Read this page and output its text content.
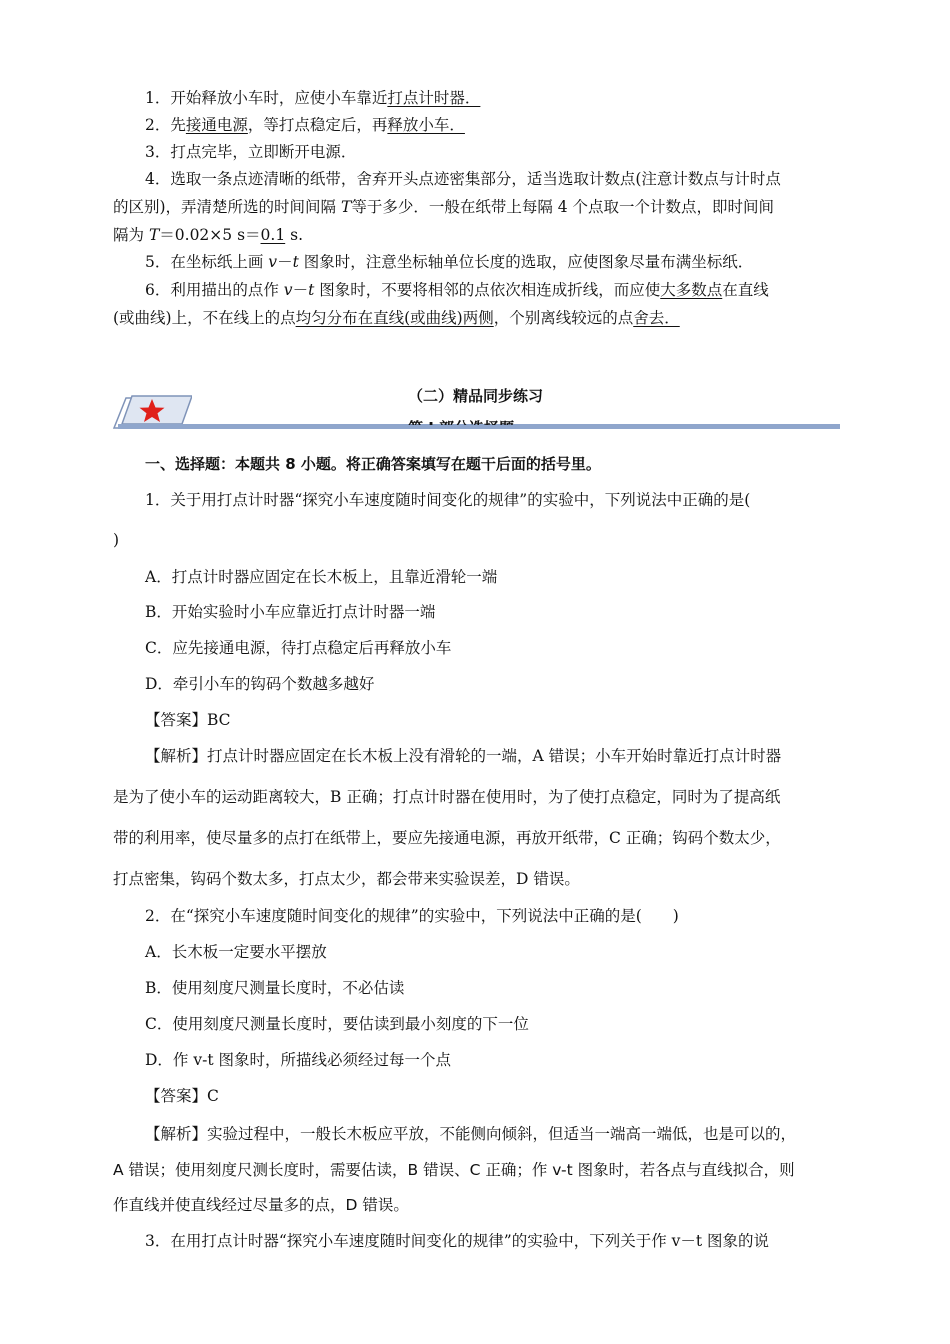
1．开始释放小车时，应使小车靠近打点计时器．
2．先接通电源，等打点稳定后，再释放小车．
3．打点完毕，立即断开电源．
4．选取一条点迹清晰的纸带，舍弃开头点迹密集部分，适当选取计数点(注意计数点与计时点
的区别)，弄清楚所选的时间间隔 T等于多少．一般在纸带上每隔 4 个点取一个计数点，即时间间
隔为 T＝0.02×5 s＝0.1 s.
5．在坐标纸上画 v－t 图象时，注意坐标轴单位长度的选取，应使图象尽量布满坐标纸．
6．利用描出的点作 v－t 图象时，不要将相邻的点依次相连成折线，而应使大多数点在直线
(或曲线)上，不在线上的点均匀分布在直线(或曲线)两侧，个别离线较远的点舍去．
（二）精品同步练习
一、选择题：本题共 8 小题。将正确答案填写在题干后面的括号里。
1．关于用打点计时器“探究小车速度随时间变化的规律”的实验中，下列说法中正确的是(
)
A．打点计时器应固定在长木板上，且靠近滑轮一端
B．开始实验时小车应靠近打点计时器一端
C．应先接通电源，待打点稳定后再释放小车
D．牵引小车的钩码个数越多越好
【答案】BC
【解析】打点计时器应固定在长木板上没有滑轮的一端，A 错误；小车开始时靠近打点计时器
是为了使小车的运动距离较大，B 正确；打点计时器在使用时，为了使打点稳定，同时为了提高纸
带的利用率，使尽量多的点打在纸带上，要应先接通电源，再放开纸带，C 正确；钩码个数太少，
打点密集，钩码个数太多，打点太少，都会带来实验误差，D 错误。
2．在“探究小车速度随时间变化的规律”的实验中，下列说法中正确的是(　　)
A．长木板一定要水平摆放
B．使用刻度尺测量长度时，不必估读
C．使用刻度尺测量长度时，要估读到最小刻度的下一位
D．作 v-t 图象时，所描线必须经过每一个点
【答案】C
【解析】实验过程中，一般长木板应平放，不能侧向倾斜，但适当一端高一端低，也是可以的，
A 错误；使用刻度尺测长度时，需要估读，B 错误、C 正确；作 v-t 图象时，若各点与直线拟合，则
作直线并使直线经过尽量多的点，D 错误。
3．在用打点计时器“探究小车速度随时间变化的规律”的实验中，下列关于作 v－t 图象的说
